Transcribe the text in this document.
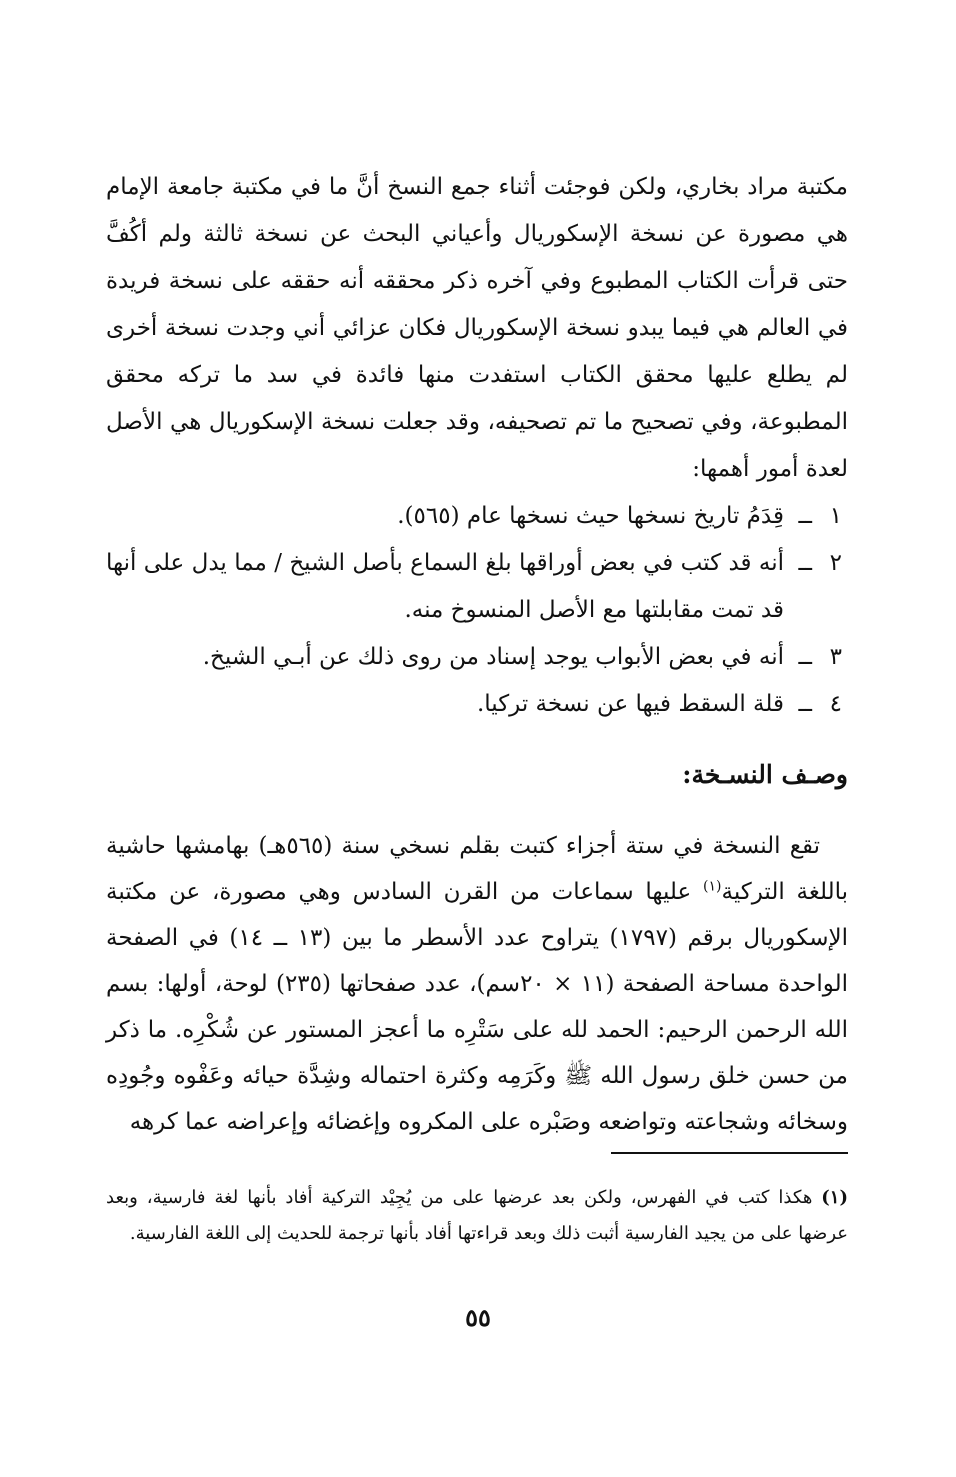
مكتبة مراد بخاري، ولكن فوجئت أثناء جمع النسخ أنَّ ما في مكتبة جامعة الإمام هي مصورة عن نسخة الإسكوريال وأعياني البحث عن نسخة ثالثة ولم أكُفَّ حتى قرأت الكتاب المطبوع وفي آخره ذكر محققه أنه حققه على نسخة فريدة في العالم هي فيما يبدو نسخة الإسكوريال فكان عزائي أني وجدت نسخة أخرى لم يطلع عليها محقق الكتاب استفدت منها فائدة في سد ما تركه محقق المطبوعة، وفي تصحيح ما تم تصحيفه، وقد جعلت نسخة الإسكوريال هي الأصل لعدة أمور أهمها:

١
ــ
قِدَمُ تاريخ نسخها حيث نسخها عام (٥٦٥).
٢
ــ
أنه قد كتب في بعض أوراقها بلغ السماع بأصل الشيخ / مما يدل على أنها قد تمت مقابلتها مع الأصل المنسوخ منه.
٣
ــ
أنه في بعض الأبواب يوجد إسناد من روى ذلك عن أبـي الشيخ.
٤
ــ
قلة السقط فيها عن نسخة تركيا.
وصـف النسـخة:

تقع النسخة في ستة أجزاء كتبت بقلم نسخي سنة (٥٦٥هـ) بهامشها حاشية باللغة التركية$^{(١)}$ عليها سماعات من القرن السادس وهي مصورة، عن مكتبة الإسكوريال برقم (١٧٩٧) يتراوح عدد الأسطر ما بين (١٣ ــ ١٤) في الصفحة الواحدة مساحة الصفحة (١١ × ٢٠سم)، عدد صفحاتها (٢٣٥) لوحة، أولها: بسم الله الرحمن الرحيم: الحمد لله على سَتْرِه ما أعجز المستور عن شُكْرِه. ما ذكر من حسن خلق رسول الله ﷺ وكَرَمِه وكثرة احتماله وشِدَّة حيائه وعَفْوه وجُودِه وسخائه وشجاعته وتواضعه وصَبْره على المكروه وإغضائه وإعراضه عما كرهه

(١) هكذا كتب في الفهرس، ولكن بعد عرضها على من يُجِيْد التركية أفاد بأنها لغة فارسية، وبعد عرضها على من يجيد الفارسية أثبت ذلك وبعد قراءتها أفاد بأنها ترجمة للحديث إلى اللغة الفارسية.

٥٥
